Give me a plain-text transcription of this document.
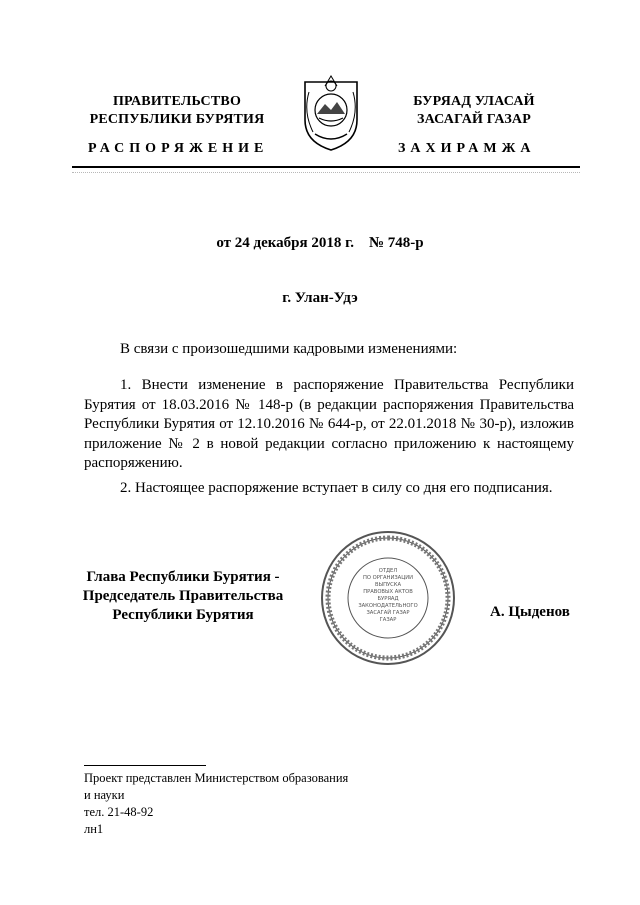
ПРАВИТЕЛЬСТВО
РЕСПУБЛИКИ БУРЯТИЯ
БУРЯАД УЛАСАЙ
ЗАСАГАЙ ГАЗАР
РАСПОРЯЖЕНИЕ	ЗАХИРАМЖА
от 24 декабря 2018 г.    № 748-р
г. Улан-Удэ
В связи с произошедшими кадровыми изменениями:
1. Внести изменение в распоряжение Правительства Республики Бурятия от 18.03.2016 № 148-р (в редакции распоряжения Правительства Республики Бурятия от 12.10.2016 № 644-р, от 22.01.2018 № 30-р), изложив приложение № 2 в новой редакции согласно приложению к настоящему распоряжению.
2. Настоящее распоряжение вступает в силу со дня его подписания.
Глава Республики Бурятия -
Председатель Правительства
Республики Бурятия
ОТДЕЛ
ПО ОРГАНИЗАЦИИ
ВЫПУСКА
ПРАВОВЫХ АКТОВ
БУРЯАД
ЗАКОНОДАТЕЛЬНОГО
ЗАСАГАЙ ГАЗАР
ГАЗАР	А. Цыденов
Проект представлен Министерством образования
и науки
тел. 21-48-92
лн1
